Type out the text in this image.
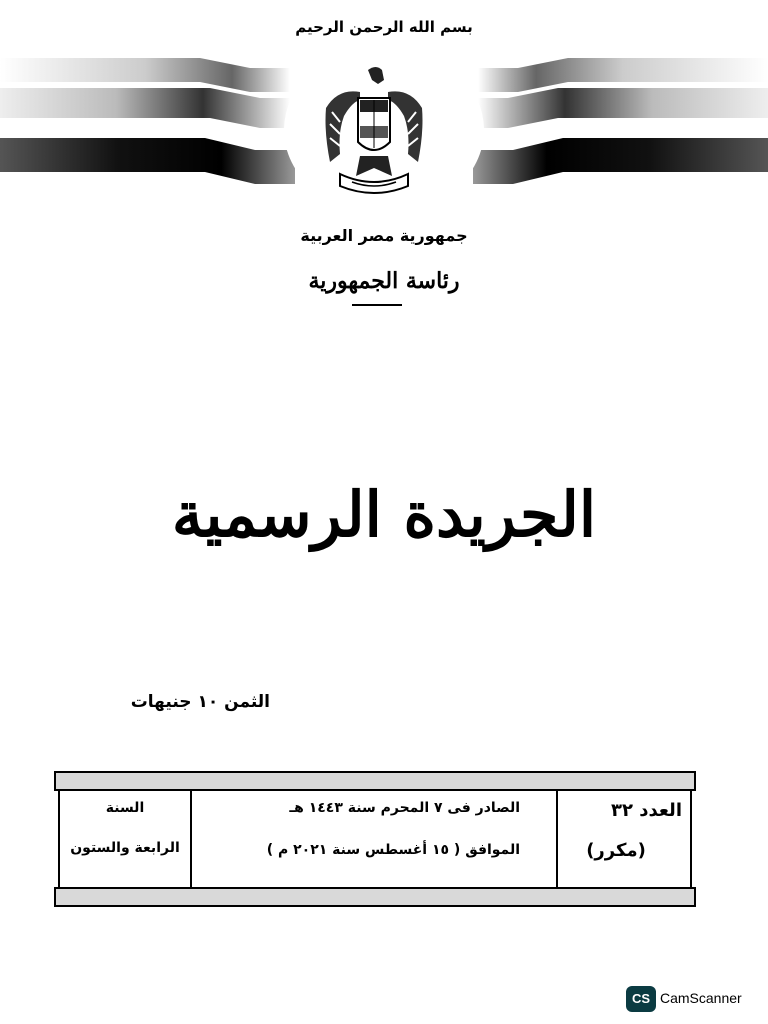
بسم الله الرحمن الرحيم
جمهورية مصر العربية
رئاسة الجمهورية
الجريدة الرسمية
الثمن ١٠ جنيهات
السنة
الرابعة والستون
الصادر فى ٧ المحرم سنة ١٤٤٣ هـ
الموافق ( ١٥ أغسطس سنة ٢٠٢١ م )
العدد ٣٢
(مكرر)
CS CamScanner
